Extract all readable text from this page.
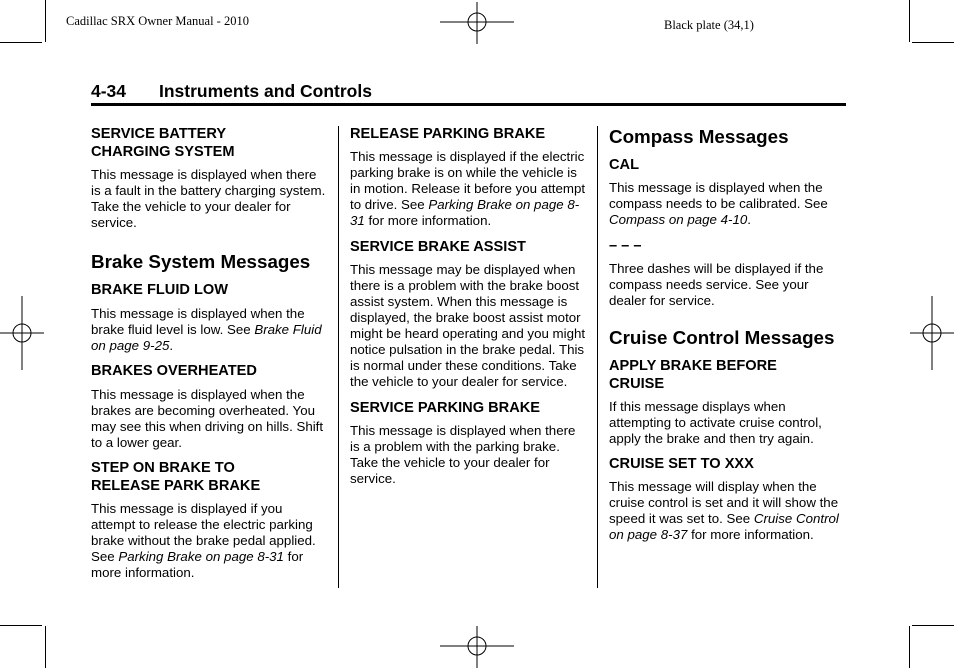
Cadillac SRX Owner Manual - 2010	Black plate (34,1)
4-34 Instruments and Controls
SERVICE BATTERY
CHARGING SYSTEM

This message is displayed when there is a fault in the battery charging system. Take the vehicle to your dealer for service.

Brake System Messages
BRAKE FLUID LOW

This message is displayed when the brake fluid level is low. See Brake Fluid on page 9-25.

BRAKES OVERHEATED

This message is displayed when the brakes are becoming overheated. You may see this when driving on hills. Shift to a lower gear.

STEP ON BRAKE TO
RELEASE PARK BRAKE

This message is displayed if you attempt to release the electric parking brake without the brake pedal applied. See Parking Brake on page 8-31 for more information.

RELEASE PARKING BRAKE

This message is displayed if the electric parking brake is on while the vehicle is in motion. Release it before you attempt to drive. See Parking Brake on page 8-31 for more information.

SERVICE BRAKE ASSIST

This message may be displayed when there is a problem with the brake boost assist system. When this message is displayed, the brake boost assist motor might be heard operating and you might notice pulsation in the brake pedal. This is normal under these conditions. Take the vehicle to your dealer for service.

SERVICE PARKING BRAKE

This message is displayed when there is a problem with the parking brake. Take the vehicle to your dealer for service.

Compass Messages
CAL

This message is displayed when the compass needs to be calibrated. See Compass on page 4-10.

– – –

Three dashes will be displayed if the compass needs service. See your dealer for service.

Cruise Control Messages
APPLY BRAKE BEFORE
CRUISE

If this message displays when attempting to activate cruise control, apply the brake and then try again.

CRUISE SET TO XXX

This message will display when the cruise control is set and it will show the speed it was set to. See Cruise Control on page 8-37 for more information.
